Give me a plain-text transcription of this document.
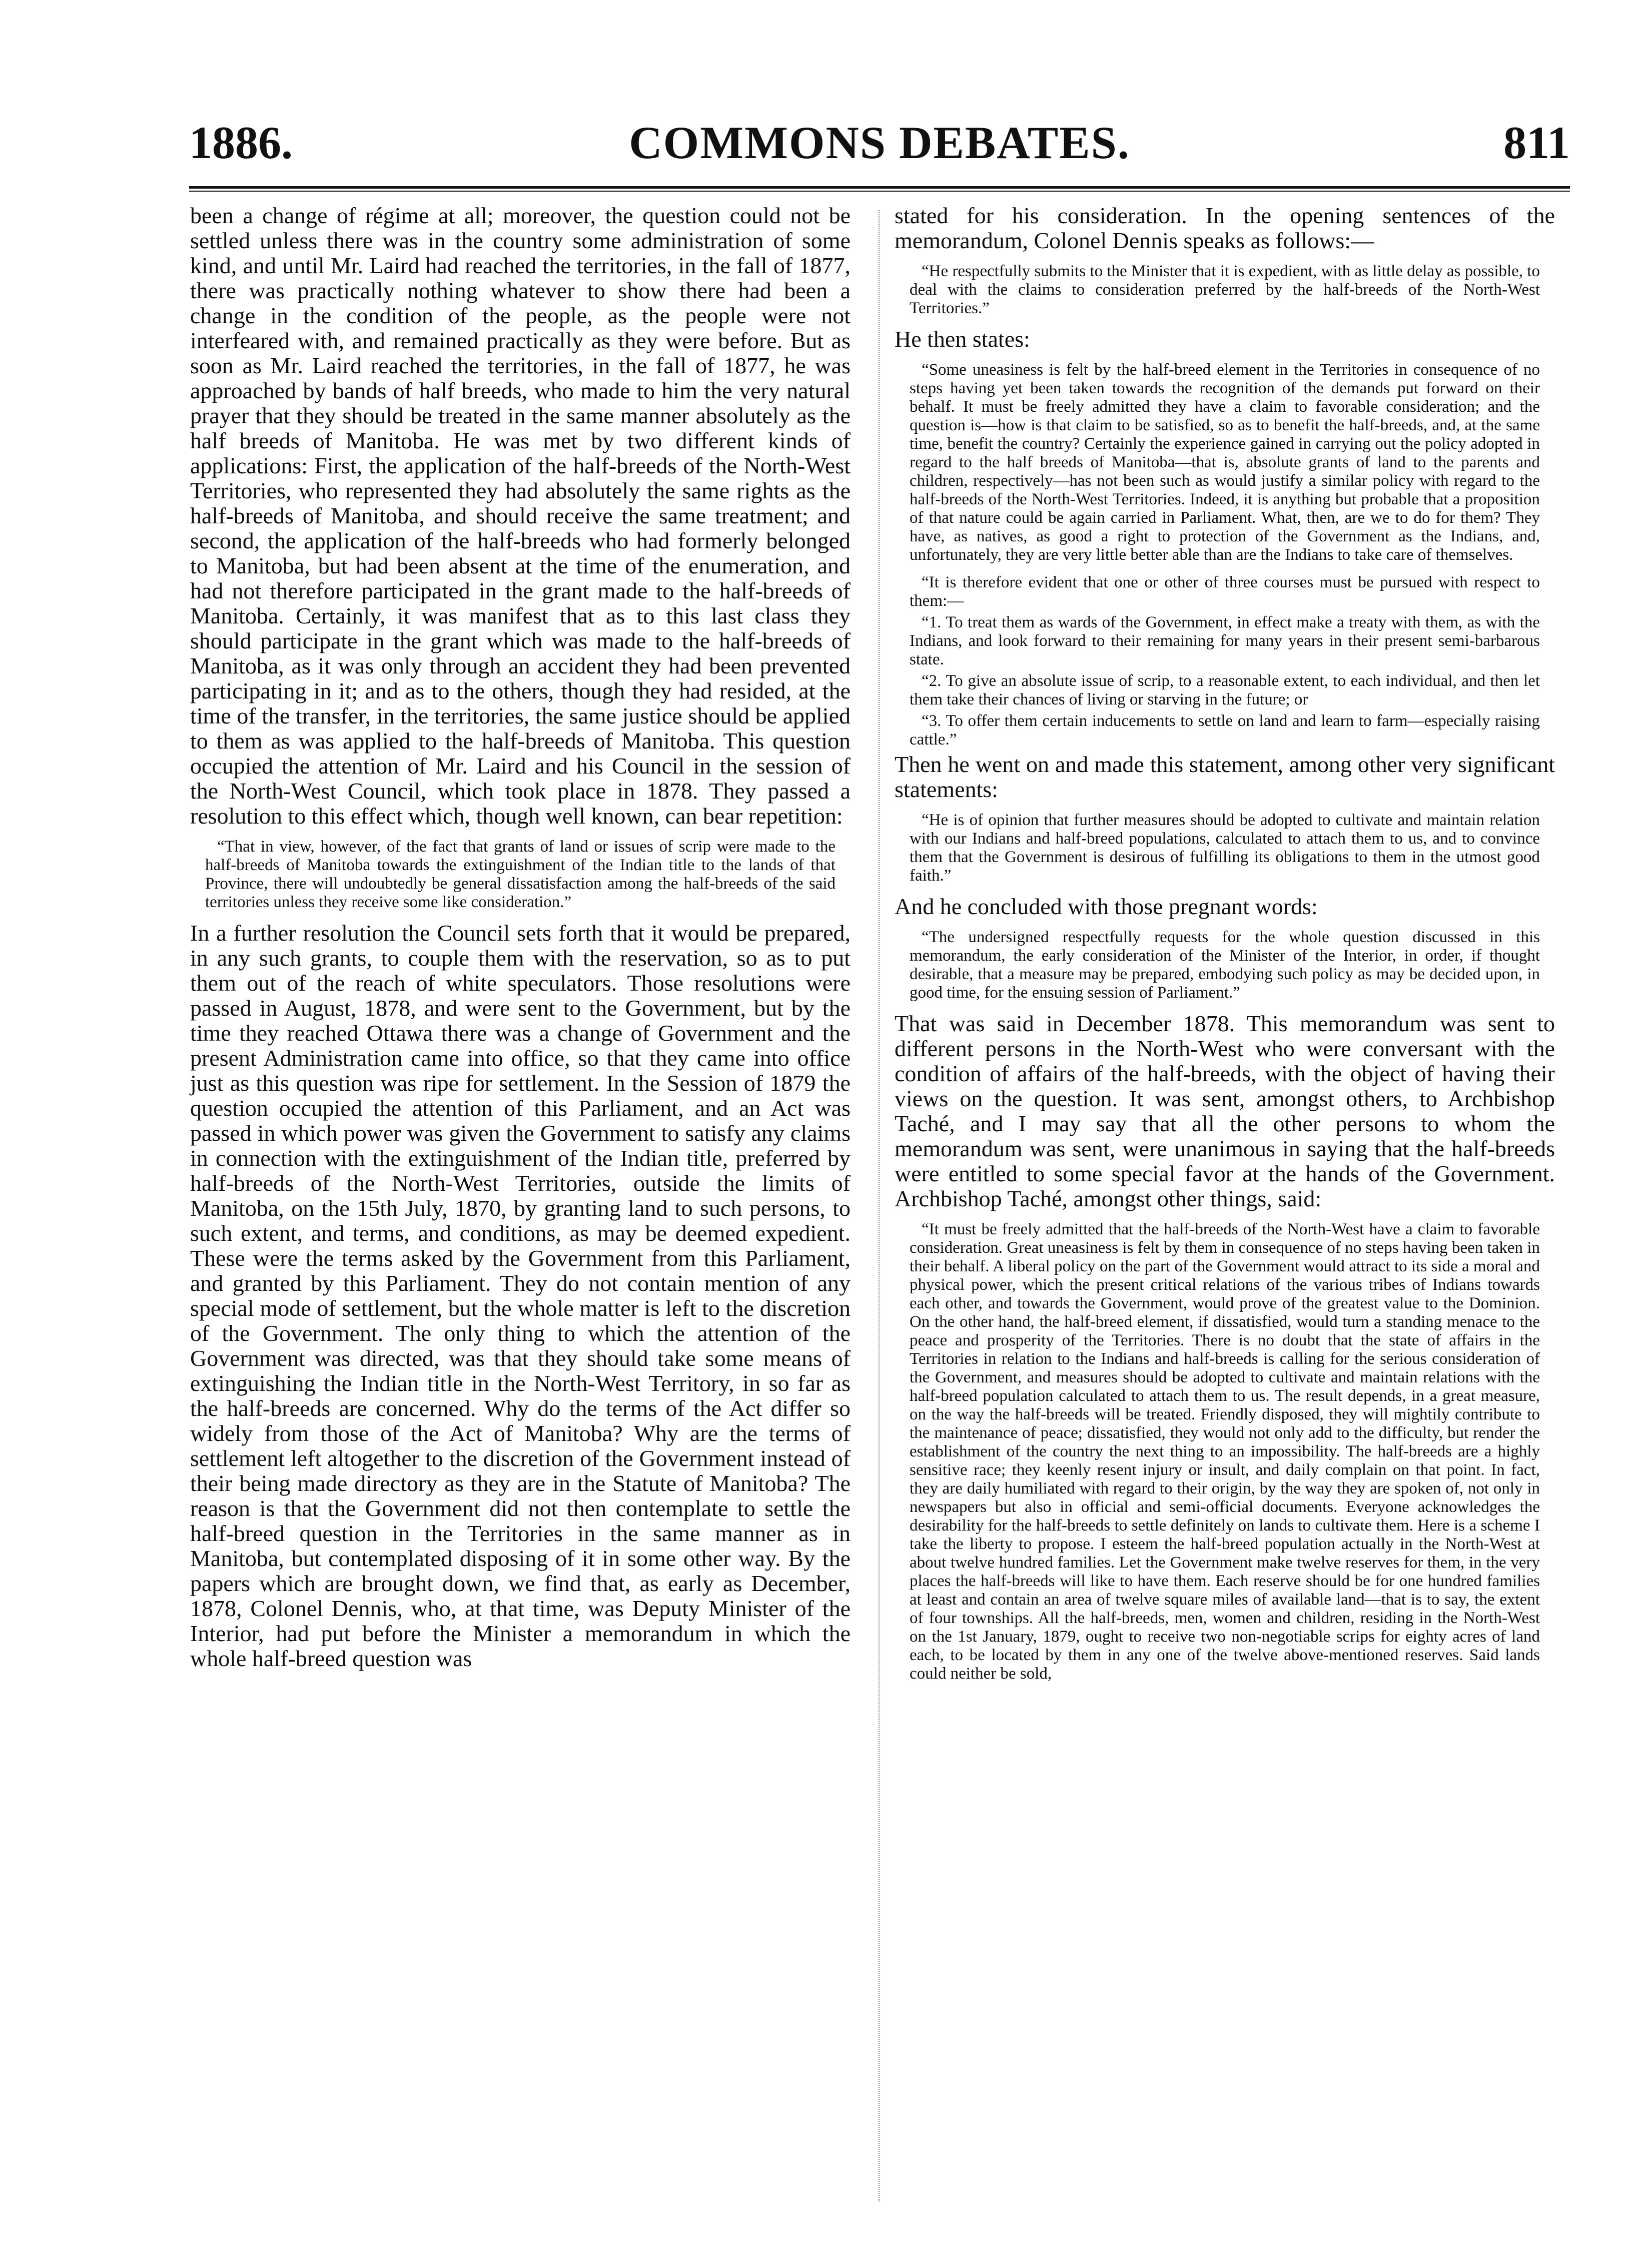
1886.	COMMONS DEBATES.	811

been a change of régime at all; moreover, the question could not be settled unless there was in the country some administration of some kind, and until Mr. Laird had reached the territories, in the fall of 1877, there was practically nothing whatever to show there had been a change in the condition of the people, as the people were not interfeared with, and remained practically as they were before. But as soon as Mr. Laird reached the territories, in the fall of 1877, he was approached by bands of half breeds, who made to him the very natural prayer that they should be treated in the same manner absolutely as the half breeds of Manitoba. He was met by two different kinds of applications: First, the application of the half-breeds of the North-West Territories, who represented they had absolutely the same rights as the half-breeds of Manitoba, and should receive the same treatment; and second, the application of the half-breeds who had formerly belonged to Manitoba, but had been absent at the time of the enumeration, and had not therefore participated in the grant made to the half-breeds of Manitoba. Certainly, it was manifest that as to this last class they should participate in the grant which was made to the half-breeds of Manitoba, as it was only through an accident they had been prevented participating in it; and as to the others, though they had resided, at the time of the transfer, in the territories, the same justice should be applied to them as was applied to the half-breeds of Manitoba. This question occupied the attention of Mr. Laird and his Council in the session of the North-West Council, which took place in 1878. They passed a resolution to this effect which, though well known, can bear repetition:

“That in view, however, of the fact that grants of land or issues of scrip were made to the half-breeds of Manitoba towards the extinguishment of the Indian title to the lands of that Province, there will undoubtedly be general dissatisfaction among the half-breeds of the said territories unless they receive some like consideration.”

In a further resolution the Council sets forth that it would be prepared, in any such grants, to couple them with the reservation, so as to put them out of the reach of white speculators. Those resolutions were passed in August, 1878, and were sent to the Government, but by the time they reached Ottawa there was a change of Government and the present Administration came into office, so that they came into office just as this question was ripe for settlement. In the Session of 1879 the question occupied the attention of this Parliament, and an Act was passed in which power was given the Government to satisfy any claims in connection with the extinguishment of the Indian title, preferred by half-breeds of the North-West Territories, outside the limits of Manitoba, on the 15th July, 1870, by granting land to such persons, to such extent, and terms, and conditions, as may be deemed expedient. These were the terms asked by the Government from this Parliament, and granted by this Parliament. They do not contain mention of any special mode of settlement, but the whole matter is left to the discretion of the Government. The only thing to which the attention of the Government was directed, was that they should take some means of extinguishing the Indian title in the North-West Territory, in so far as the half-breeds are concerned. Why do the terms of the Act differ so widely from those of the Act of Manitoba? Why are the terms of settlement left altogether to the discretion of the Government instead of their being made directory as they are in the Statute of Manitoba? The reason is that the Government did not then contemplate to settle the half-breed question in the Territories in the same manner as in Manitoba, but contemplated disposing of it in some other way. By the papers which are brought down, we find that, as early as December, 1878, Colonel Dennis, who, at that time, was Deputy Minister of the Interior, had put before the Minister a memorandum in which the whole half-breed question was

stated for his consideration. In the opening sentences of the memorandum, Colonel Dennis speaks as follows:—

“He respectfully submits to the Minister that it is expedient, with as little delay as possible, to deal with the claims to consideration preferred by the half-breeds of the North-West Territories.”

He then states:

“Some uneasiness is felt by the half-breed element in the Territories in consequence of no steps having yet been taken towards the recognition of the demands put forward on their behalf. It must be freely admitted they have a claim to favorable consideration; and the question is—how is that claim to be satisfied, so as to benefit the half-breeds, and, at the same time, benefit the country? Certainly the experience gained in carrying out the policy adopted in regard to the half breeds of Manitoba—that is, absolute grants of land to the parents and children, respectively—has not been such as would justify a similar policy with regard to the half-breeds of the North-West Territories. Indeed, it is anything but probable that a proposition of that nature could be again carried in Parliament. What, then, are we to do for them? They have, as natives, as good a right to protection of the Government as the Indians, and, unfortunately, they are very little better able than are the Indians to take care of themselves.

“It is therefore evident that one or other of three courses must be pursued with respect to them:—

“1. To treat them as wards of the Government, in effect make a treaty with them, as with the Indians, and look forward to their remaining for many years in their present semi-barbarous state.

“2. To give an absolute issue of scrip, to a reasonable extent, to each individual, and then let them take their chances of living or starving in the future; or

“3. To offer them certain inducements to settle on land and learn to farm—especially raising cattle.”

Then he went on and made this statement, among other very significant statements:

“He is of opinion that further measures should be adopted to cultivate and maintain relation with our Indians and half-breed populations, calculated to attach them to us, and to convince them that the Government is desirous of fulfilling its obligations to them in the utmost good faith.”

And he concluded with those pregnant words:

“The undersigned respectfully requests for the whole question discussed in this memorandum, the early consideration of the Minister of the Interior, in order, if thought desirable, that a measure may be prepared, embodying such policy as may be decided upon, in good time, for the ensuing session of Parliament.”

That was said in December 1878. This memorandum was sent to different persons in the North-West who were conversant with the condition of affairs of the half-breeds, with the object of having their views on the question. It was sent, amongst others, to Archbishop Taché, and I may say that all the other persons to whom the memorandum was sent, were unanimous in saying that the half-breeds were entitled to some special favor at the hands of the Government. Archbishop Taché, amongst other things, said:

“It must be freely admitted that the half-breeds of the North-West have a claim to favorable consideration. Great uneasiness is felt by them in consequence of no steps having been taken in their behalf. A liberal policy on the part of the Government would attract to its side a moral and physical power, which the present critical relations of the various tribes of Indians towards each other, and towards the Government, would prove of the greatest value to the Dominion. On the other hand, the half-breed element, if dissatisfied, would turn a standing menace to the peace and prosperity of the Territories. There is no doubt that the state of affairs in the Territories in relation to the Indians and half-breeds is calling for the serious consideration of the Government, and measures should be adopted to cultivate and maintain relations with the half-breed population calculated to attach them to us. The result depends, in a great measure, on the way the half-breeds will be treated. Friendly disposed, they will mightily contribute to the maintenance of peace; dissatisfied, they would not only add to the difficulty, but render the establishment of the country the next thing to an impossibility. The half-breeds are a highly sensitive race; they keenly resent injury or insult, and daily complain on that point. In fact, they are daily humiliated with regard to their origin, by the way they are spoken of, not only in newspapers but also in official and semi-official documents. Everyone acknowledges the desirability for the half-breeds to settle definitely on lands to cultivate them. Here is a scheme I take the liberty to propose. I esteem the half-breed population actually in the North-West at about twelve hundred families. Let the Government make twelve reserves for them, in the very places the half-breeds will like to have them. Each reserve should be for one hundred families at least and contain an area of twelve square miles of available land—that is to say, the extent of four townships. All the half-breeds, men, women and children, residing in the North-West on the 1st January, 1879, ought to receive two non-negotiable scrips for eighty acres of land each, to be located by them in any one of the twelve above-mentioned reserves. Said lands could neither be sold,
